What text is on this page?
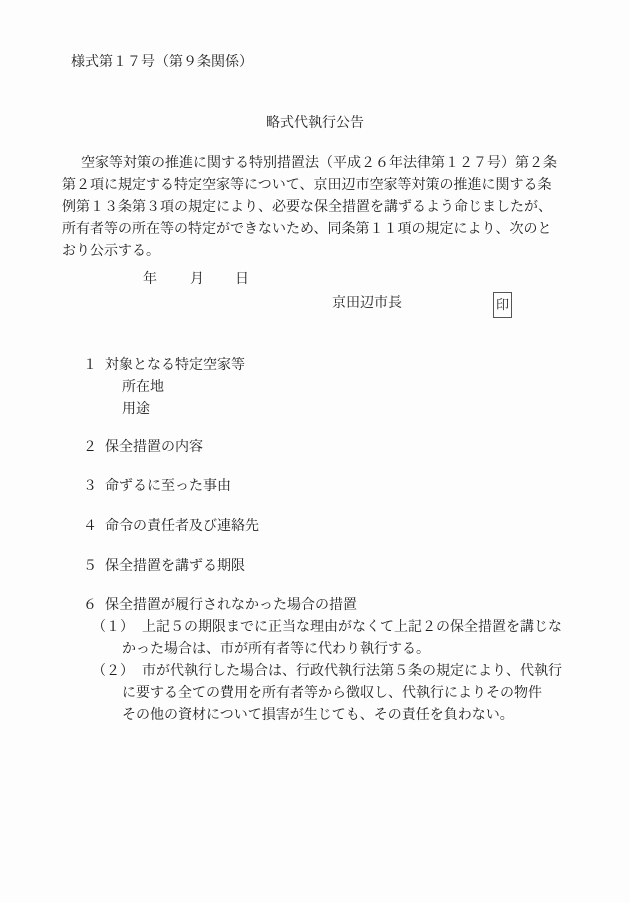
様式第１７号（第９条関係）
略式代執行公告
空家等対策の推進に関する特別措置法（平成２６年法律第１２７号）第２条
第２項に規定する特定空家等について、京田辺市空家等対策の推進に関する条
例第１３条第３項の規定により、必要な保全措置を講ずるよう命じましたが、
所有者等の所在等の特定ができないため、同条第１１項の規定により、次のと
おり公示する。
年 月 日
京田辺市長	印
１ 対象となる特定空家等
所在地
用途
２ 保全措置の内容
３ 命ずるに至った事由
４ 命令の責任者及び連絡先
５ 保全措置を講ずる期限
６ 保全措置が履行されなかった場合の措置
（１） 上記５の期限までに正当な理由がなくて上記２の保全措置を講じな
かった場合は、市が所有者等に代わり執行する。
（２） 市が代執行した場合は、行政代執行法第５条の規定により、代執行
に要する全ての費用を所有者等から徴収し、代執行によりその物件
その他の資材について損害が生じても、その責任を負わない。
